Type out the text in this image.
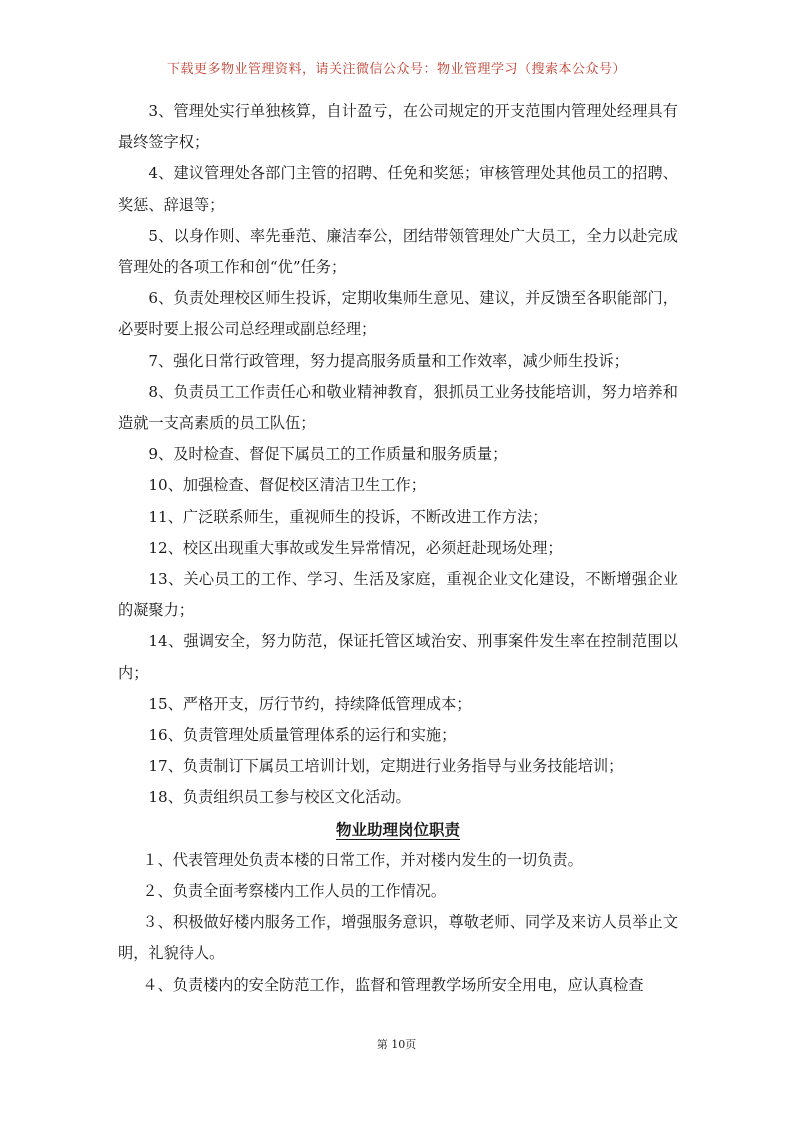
下载更多物业管理资料，请关注微信公众号：物业管理学习（搜索本公众号）

3、管理处实行单独核算，自计盈亏，在公司规定的开支范围内管理处经理具有最终签字权；

4、建议管理处各部门主管的招聘、任免和奖惩；审核管理处其他员工的招聘、奖惩、辞退等；

5、以身作则、率先垂范、廉洁奉公，团结带领管理处广大员工，全力以赴完成管理处的各项工作和创“优”任务；

6、负责处理校区师生投诉，定期收集师生意见、建议，并反馈至各职能部门，必要时要上报公司总经理或副总经理；

7、强化日常行政管理，努力提高服务质量和工作效率，减少师生投诉；

8、负责员工工作责任心和敬业精神教育，狠抓员工业务技能培训，努力培养和造就一支高素质的员工队伍；

9、及时检查、督促下属员工的工作质量和服务质量；

10、加强检查、督促校区清洁卫生工作；

11、广泛联系师生，重视师生的投诉，不断改进工作方法；

12、校区出现重大事故或发生异常情况，必须赶赴现场处理；

13、关心员工的工作、学习、生活及家庭，重视企业文化建设，不断增强企业的凝聚力；

14、强调安全，努力防范，保证托管区域治安、刑事案件发生率在控制范围以内；

15、严格开支，厉行节约，持续降低管理成本；

16、负责管理处质量管理体系的运行和实施；

17、负责制订下属员工培训计划，定期进行业务指导与业务技能培训；

18、负责组织员工参与校区文化活动。

物业助理岗位职责

１、代表管理处负责本楼的日常工作，并对楼内发生的一切负责。

２、负责全面考察楼内工作人员的工作情况。

３、积极做好楼内服务工作，增强服务意识，尊敬老师、同学及来访人员举止文明，礼貌待人。

４、负责楼内的安全防范工作，监督和管理教学场所安全用电，应认真检查

第 10页
